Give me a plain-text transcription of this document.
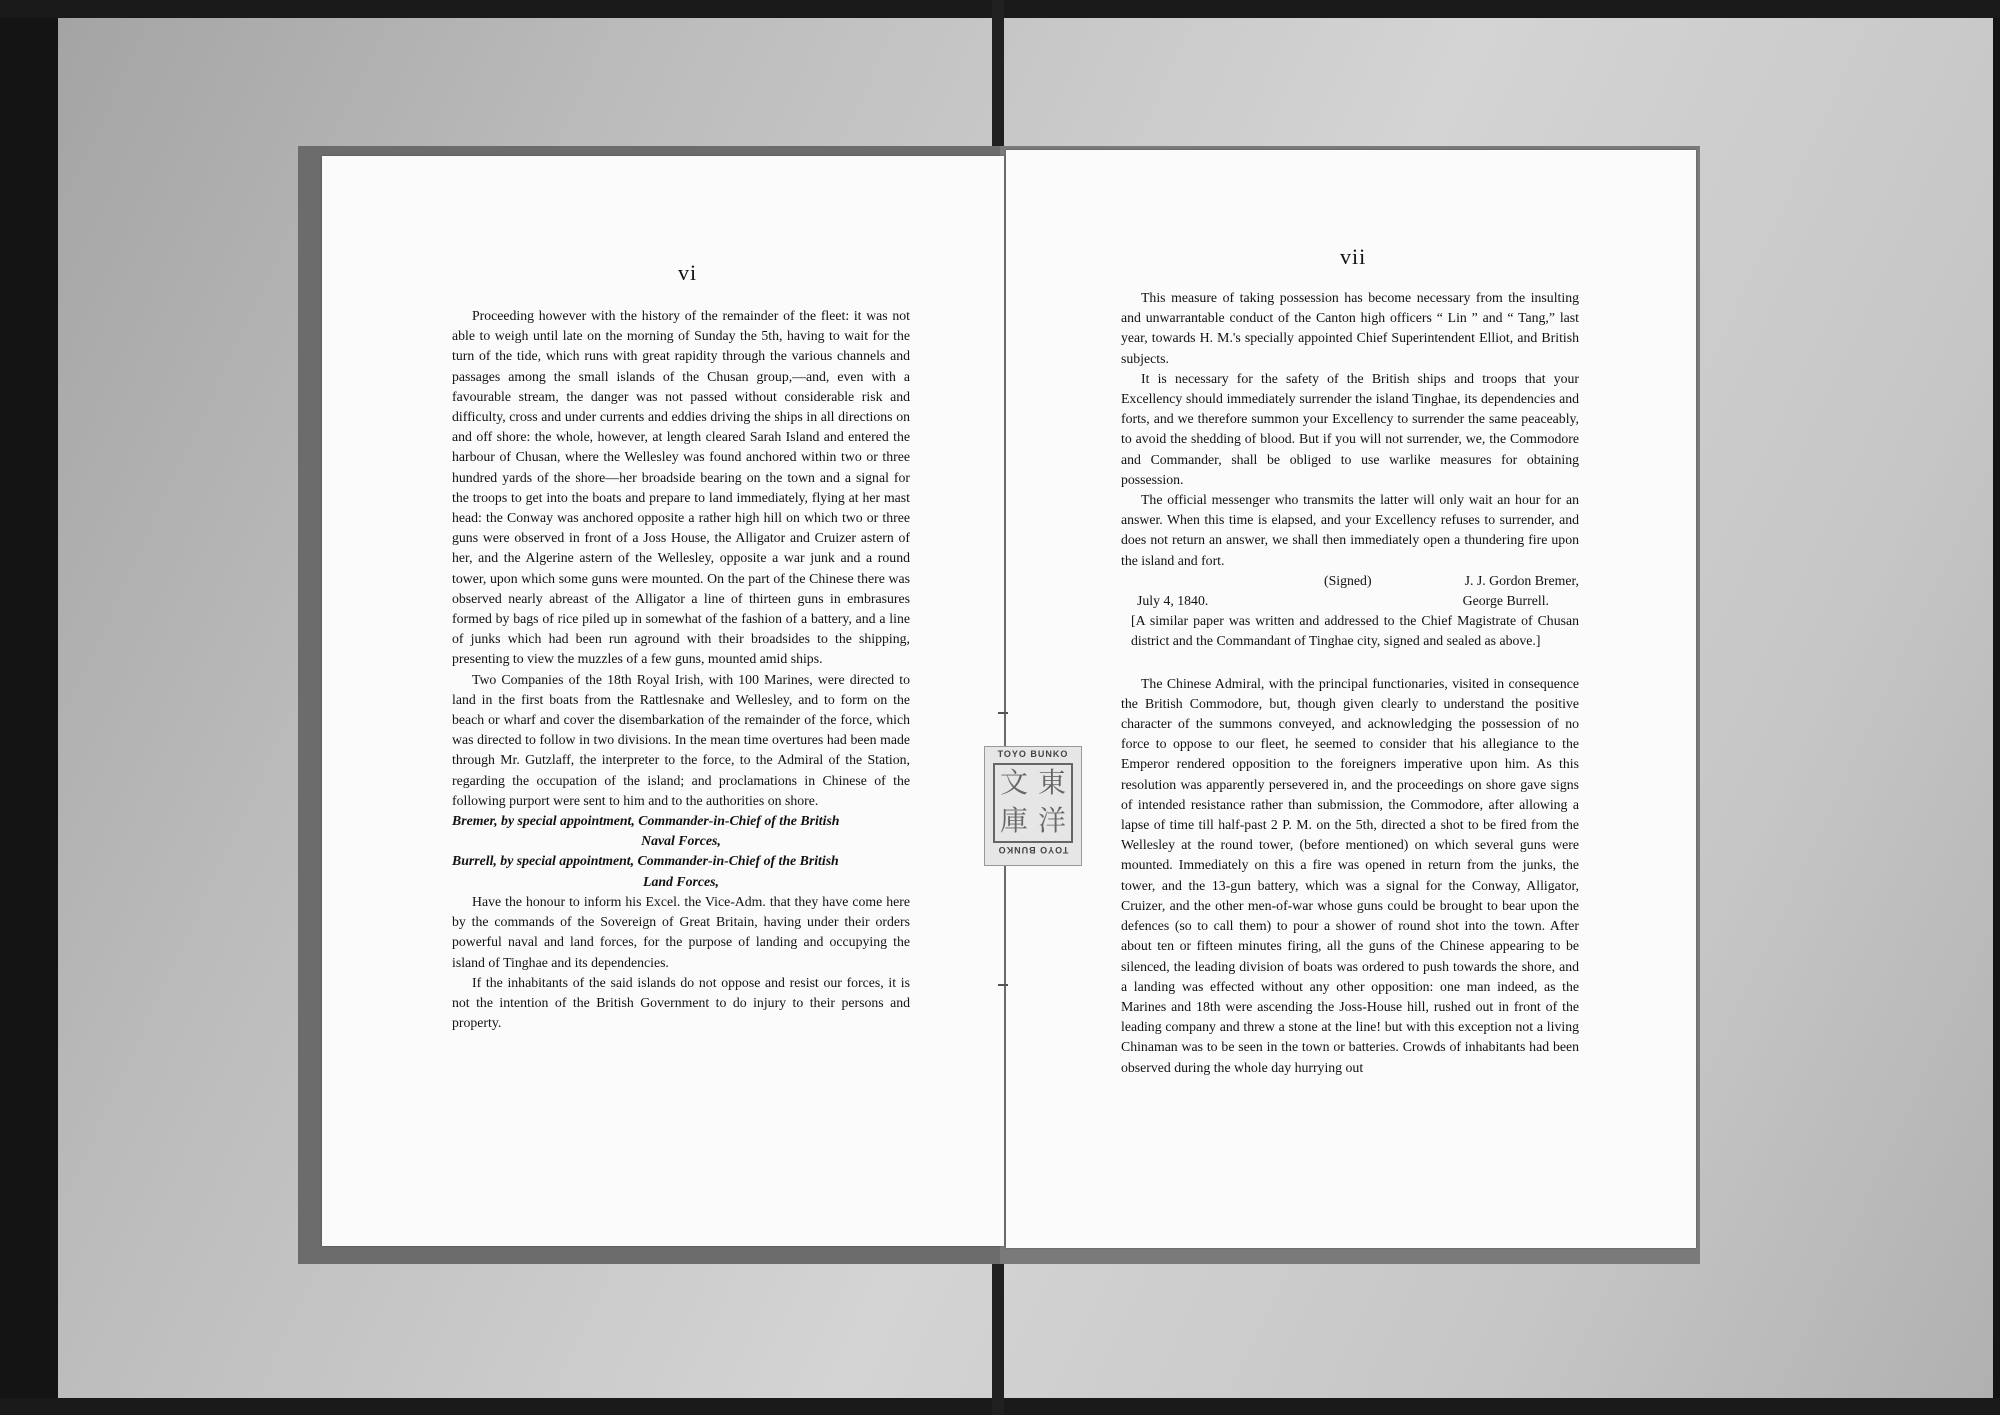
vi

Proceeding however with the history of the remainder of the fleet: it was not able to weigh until late on the morning of Sunday the 5th, having to wait for the turn of the tide, which runs with great rapidity through the various channels and passages among the small islands of the Chusan group,—and, even with a favourable stream, the danger was not passed without considerable risk and difficulty, cross and under currents and eddies driving the ships in all directions on and off shore: the whole, however, at length cleared Sarah Island and entered the harbour of Chusan, where the Wellesley was found anchored within two or three hundred yards of the shore—her broadside bearing on the town and a signal for the troops to get into the boats and prepare to land immediately, flying at her mast head: the Conway was anchored opposite a rather high hill on which two or three guns were observed in front of a Joss House, the Alligator and Cruizer astern of her, and the Algerine astern of the Wellesley, opposite a war junk and a round tower, upon which some guns were mounted. On the part of the Chinese there was observed nearly abreast of the Alligator a line of thirteen guns in embrasures formed by bags of rice piled up in somewhat of the fashion of a battery, and a line of junks which had been run aground with their broadsides to the shipping, presenting to view the muzzles of a few guns, mounted amid ships.

Two Companies of the 18th Royal Irish, with 100 Marines, were directed to land in the first boats from the Rattlesnake and Wellesley, and to form on the beach or wharf and cover the disembarkation of the remainder of the force, which was directed to follow in two divisions. In the mean time overtures had been made through Mr. Gutzlaff, the interpreter to the force, to the Admiral of the Station, regarding the occupation of the island; and proclamations in Chinese of the following purport were sent to him and to the authorities on shore.

Bremer, by special appointment, Commander-in-Chief of the British
Naval Forces,

Burrell, by special appointment, Commander-in-Chief of the British
Land Forces,

Have the honour to inform his Excel. the Vice-Adm. that they have come here by the commands of the Sovereign of Great Britain, having under their orders powerful naval and land forces, for the purpose of landing and occupying the island of Tinghae and its dependencies.

If the inhabitants of the said islands do not oppose and resist our forces, it is not the intention of the British Government to do injury to their persons and property.

vii

This measure of taking possession has become necessary from the insulting and unwarrantable conduct of the Canton high officers “ Lin ” and “ Tang,” last year, towards H. M.'s specially appointed Chief Superintendent Elliot, and British subjects.

It is necessary for the safety of the British ships and troops that your Excellency should immediately surrender the island Tinghae, its dependencies and forts, and we therefore summon your Excellency to surrender the same peaceably, to avoid the shedding of blood. But if you will not surrender, we, the Commodore and Commander, shall be obliged to use warlike measures for obtaining possession.

The official messenger who transmits the latter will only wait an hour for an answer. When this time is elapsed, and your Excellency refuses to surrender, and does not return an answer, we shall then immediately open a thundering fire upon the island and fort.

(Signed)	J. J. Gordon Bremer,
July 4, 1840.	George Burrell.

[A similar paper was written and addressed to the Chief Magistrate of Chusan district and the Commandant of Tinghae city, signed and sealed as above.]

The Chinese Admiral, with the principal functionaries, visited in consequence the British Commodore, but, though given clearly to understand the positive character of the summons conveyed, and acknowledging the possession of no force to oppose to our fleet, he seemed to consider that his allegiance to the Emperor rendered opposition to the foreigners imperative upon him. As this resolution was apparently persevered in, and the proceedings on shore gave signs of intended resistance rather than submission, the Commodore, after allowing a lapse of time till half-past 2 P. M. on the 5th, directed a shot to be fired from the Wellesley at the round tower, (before mentioned) on which several guns were mounted. Immediately on this a fire was opened in return from the junks, the tower, and the 13-gun battery, which was a signal for the Conway, Alligator, Cruizer, and the other men-of-war whose guns could be brought to bear upon the defences (so to call them) to pour a shower of round shot into the town. After about ten or fifteen minutes firing, all the guns of the Chinese appearing to be silenced, the leading division of boats was ordered to push towards the shore, and a landing was effected without any other opposition: one man indeed, as the Marines and 18th were ascending the Joss-House hill, rushed out in front of the leading company and threw a stone at the line! but with this exception not a living Chinaman was to be seen in the town or batteries. Crowds of inhabitants had been observed during the whole day hurrying out

TOYO BUNKO
文 東
庫 洋
TOYO BUNKO
